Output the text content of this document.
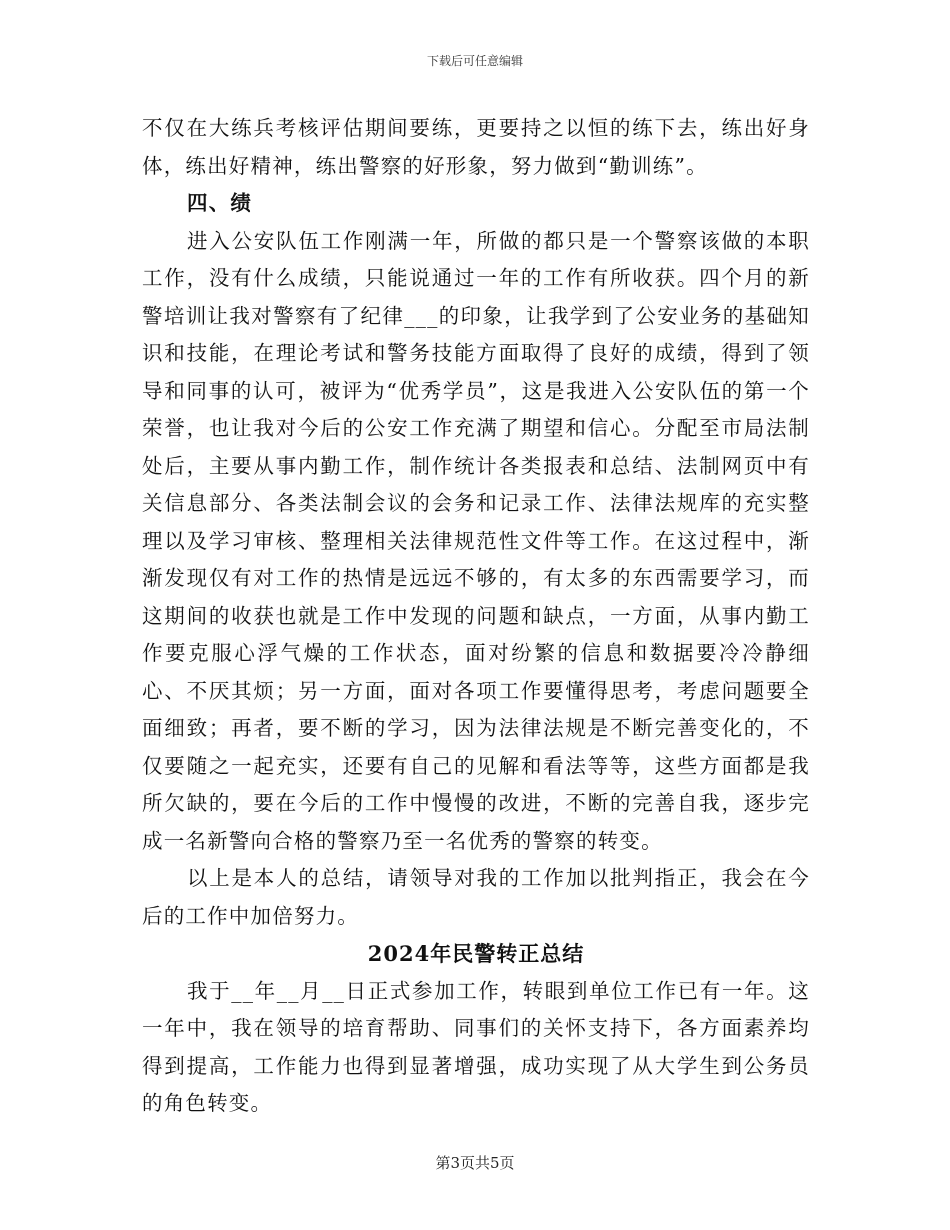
下载后可任意编辑

不仅在大练兵考核评估期间要练，更要持之以恒的练下去，练出好身体，练出好精神，练出警察的好形象，努力做到“勤训练”。

四、绩

进入公安队伍工作刚满一年，所做的都只是一个警察该做的本职工作，没有什么成绩，只能说通过一年的工作有所收获。四个月的新警培训让我对警察有了纪律___的印象，让我学到了公安业务的基础知识和技能，在理论考试和警务技能方面取得了良好的成绩，得到了领导和同事的认可，被评为“优秀学员”，这是我进入公安队伍的第一个荣誉，也让我对今后的公安工作充满了期望和信心。分配至市局法制处后，主要从事内勤工作，制作统计各类报表和总结、法制网页中有关信息部分、各类法制会议的会务和记录工作、法律法规库的充实整理以及学习审核、整理相关法律规范性文件等工作。在这过程中，渐渐发现仅有对工作的热情是远远不够的，有太多的东西需要学习，而这期间的收获也就是工作中发现的问题和缺点，一方面，从事内勤工作要克服心浮气燥的工作状态，面对纷繁的信息和数据要冷冷静细心、不厌其烦；另一方面，面对各项工作要懂得思考，考虑问题要全面细致；再者，要不断的学习，因为法律法规是不断完善变化的，不仅要随之一起充实，还要有自己的见解和看法等等，这些方面都是我所欠缺的，要在今后的工作中慢慢的改进，不断的完善自我，逐步完成一名新警向合格的警察乃至一名优秀的警察的转变。

以上是本人的总结，请领导对我的工作加以批判指正，我会在今后的工作中加倍努力。

2024年民警转正总结

我于__年__月__日正式参加工作，转眼到单位工作已有一年。这一年中，我在领导的培育帮助、同事们的关怀支持下，各方面素养均得到提高，工作能力也得到显著增强，成功实现了从大学生到公务员的角色转变。

第3页共5页
